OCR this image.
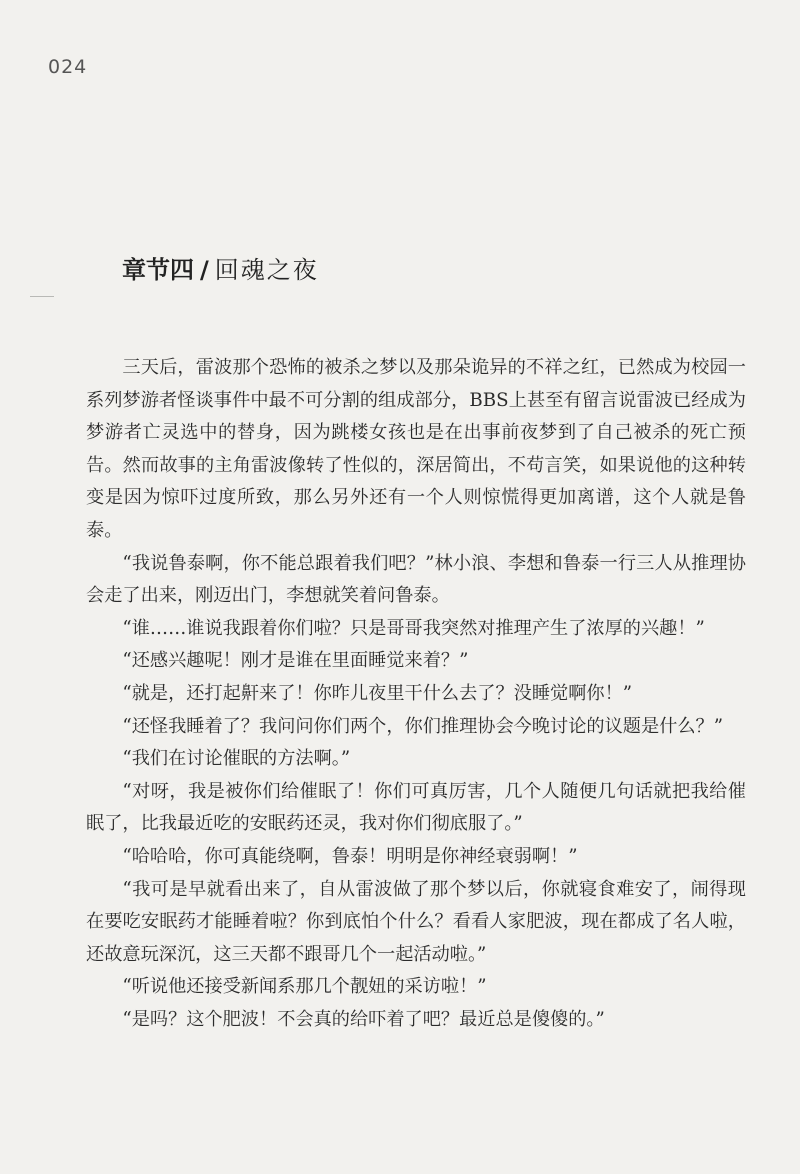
024
章节四 / 回魂之夜

三天后，雷波那个恐怖的被杀之梦以及那朵诡异的不祥之红，已然成为校园一系列梦游者怪谈事件中最不可分割的组成部分，BBS上甚至有留言说雷波已经成为梦游者亡灵选中的替身，因为跳楼女孩也是在出事前夜梦到了自己被杀的死亡预告。然而故事的主角雷波像转了性似的，深居简出，不苟言笑，如果说他的这种转变是因为惊吓过度所致，那么另外还有一个人则惊慌得更加离谱，这个人就是鲁泰。

“我说鲁泰啊，你不能总跟着我们吧？”林小浪、李想和鲁泰一行三人从推理协会走了出来，刚迈出门，李想就笑着问鲁泰。

“谁……谁说我跟着你们啦？只是哥哥我突然对推理产生了浓厚的兴趣！”

“还感兴趣呢！刚才是谁在里面睡觉来着？”

“就是，还打起鼾来了！你昨儿夜里干什么去了？没睡觉啊你！”

“还怪我睡着了？我问问你们两个，你们推理协会今晚讨论的议题是什么？”

“我们在讨论催眠的方法啊。”

“对呀，我是被你们给催眠了！你们可真厉害，几个人随便几句话就把我给催眠了，比我最近吃的安眠药还灵，我对你们彻底服了。”

“哈哈哈，你可真能绕啊，鲁泰！明明是你神经衰弱啊！”

“我可是早就看出来了，自从雷波做了那个梦以后，你就寝食难安了，闹得现在要吃安眠药才能睡着啦？你到底怕个什么？看看人家肥波，现在都成了名人啦，还故意玩深沉，这三天都不跟哥几个一起活动啦。”

“听说他还接受新闻系那几个靓妞的采访啦！”

“是吗？这个肥波！不会真的给吓着了吧？最近总是傻傻的。”
